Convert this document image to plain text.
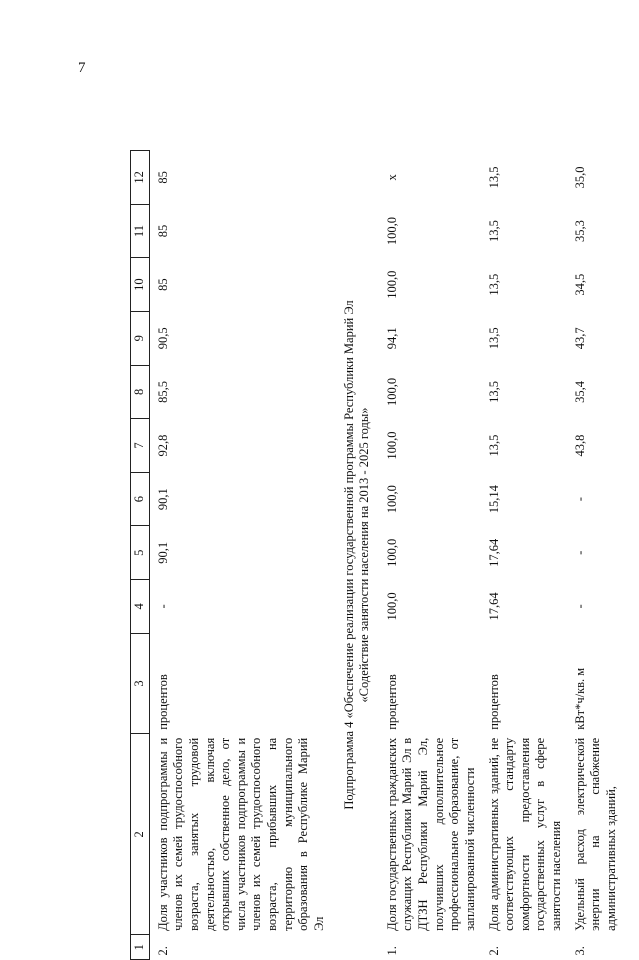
7
1	2	3	4	5	6	7	8	9	10	11	12
2.	Доля участников подпрограммы и членов их семей трудоспособного возраста, занятых трудовой деятельностью, включая открывших собственное дело, от числа участников подпрограммы и членов их семей трудоспособного возраста, прибывших на территорию муниципального образования в Республике Марий Эл	процентов	-	90,1	90,1	92,8	85,5	90,5	85	85	85

Подпрограмма 4 «Обеспечение реализации государственной программы Республики Марий Эл «Содействие занятости населения на 2013 - 2025 годы»											

1.	Доля государственных гражданских служащих Республики Марий Эл в ДТЗН Республики Марий Эл, получивших дополнительное профессиональное образование, от запланированной численности	процентов	100,0	100,0	100,0	100,0	100,0	94,1	100,0	100,0	x
2.	Доля административных зданий, не соответствующих стандарту комфортности предоставления государственных услуг в сфере занятости населения	процентов	17,64	17,64	15,14	13,5	13,5	13,5	13,5	13,5	13,5
3.	Удельный расход электрической энергии на снабжение административных зданий,	кВт*ч/кв. м	-	-	-	43,8	35,4	43,7	34,5	35,3	35,0
